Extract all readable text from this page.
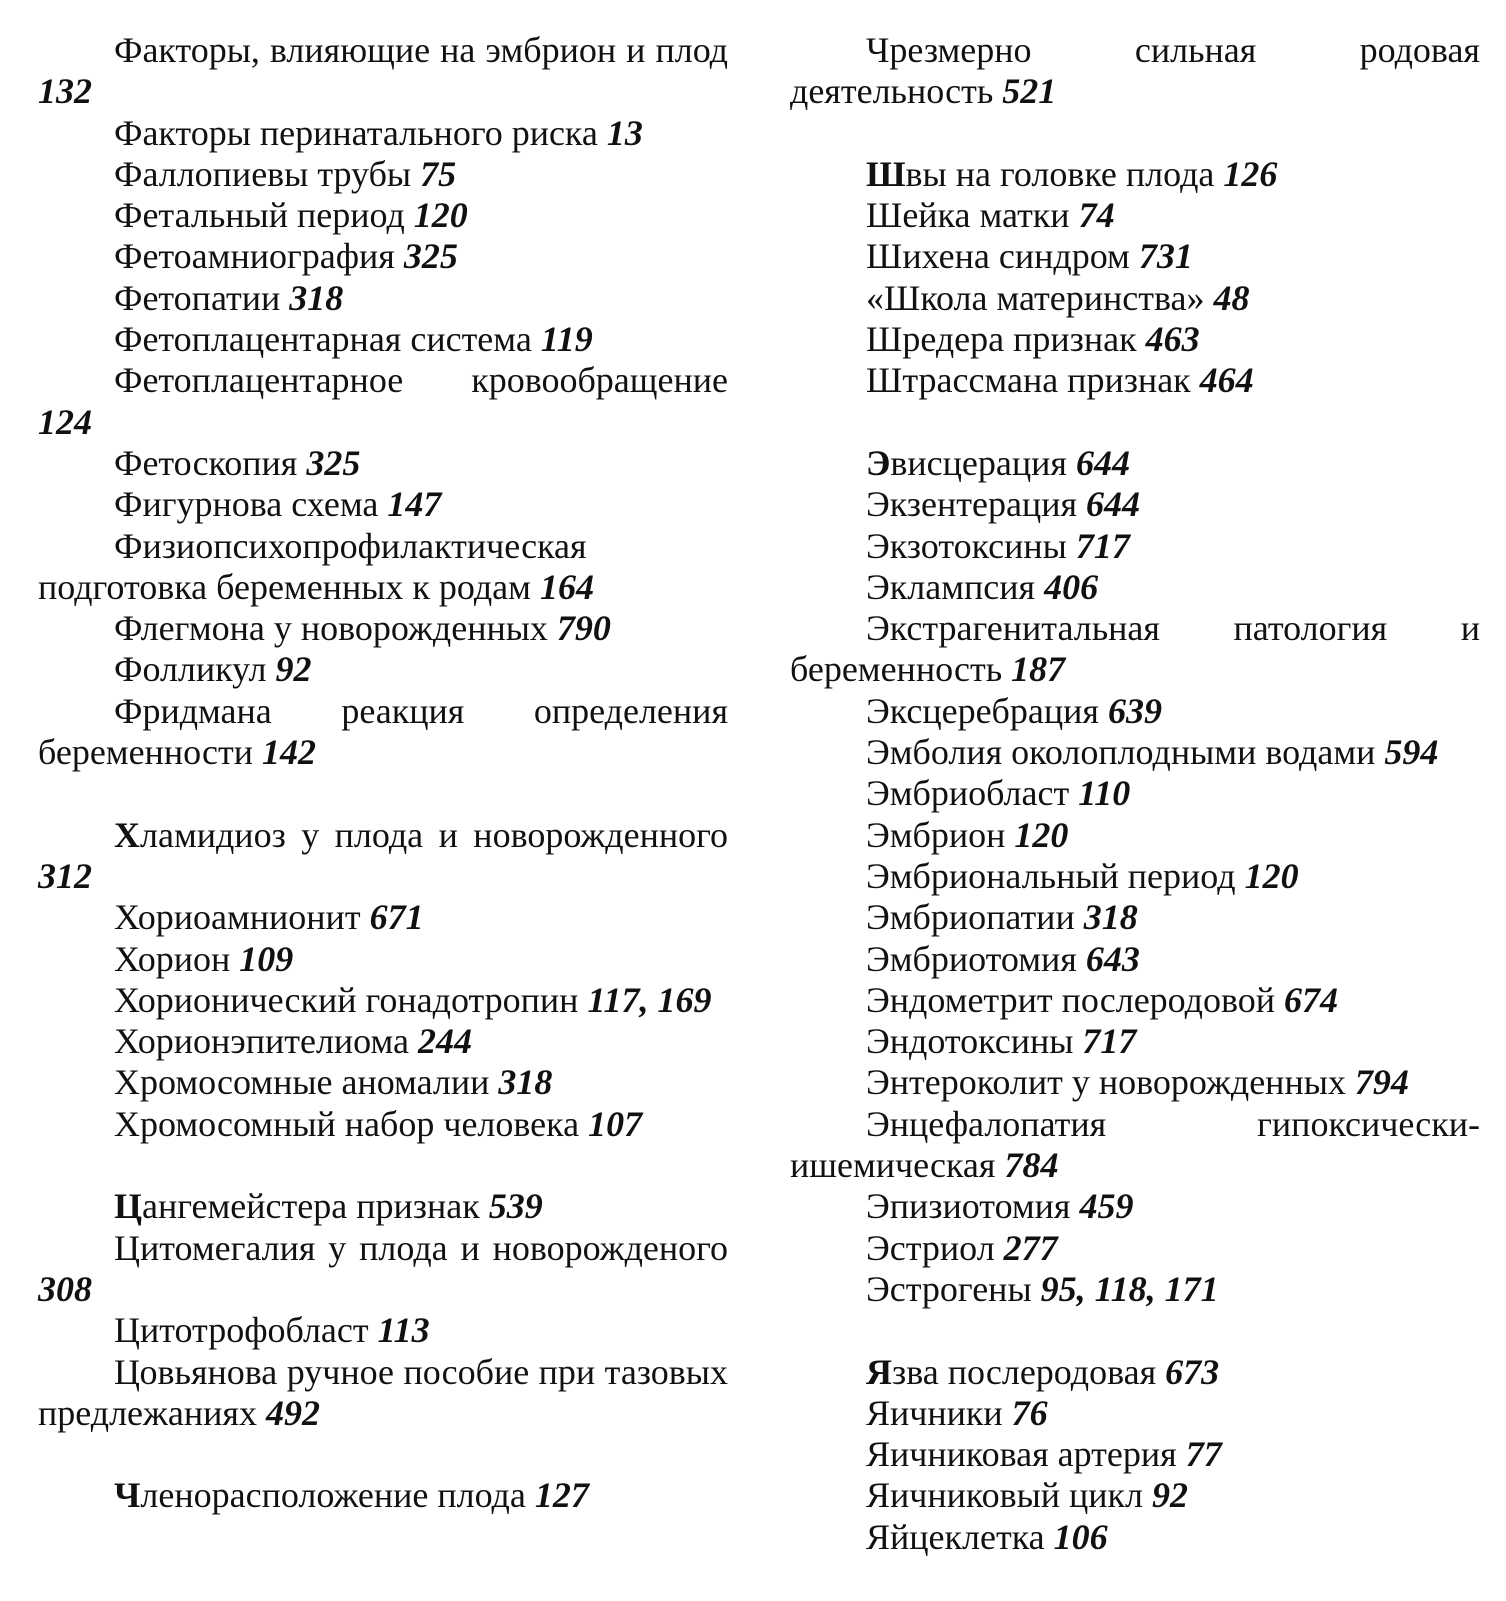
Факторы, влияющие на эмбрион и плод 132

Факторы перинатального риска 13

Фаллопиевы трубы 75

Фетальный период 120

Фетоамниография 325

Фетопатии 318

Фетоплацентарная система 119

Фетоплацентарное кровообращение 124

Фетоскопия 325

Фигурнова схема 147

Физиопсихопрофилактическая подготовка беременных к родам 164

Флегмона у новорожденных 790

Фолликул 92

Фридмана реакция определения беременности 142

Хламидиоз у плода и новорожденного 312

Хориоамнионит 671

Хорион 109

Хорионический гонадотропин 117, 169

Хорионэпителиома 244

Хромосомные аномалии 318

Хромосомный набор человека 107

Цангемейстера признак 539

Цитомегалия у плода и новорожденого 308

Цитотрофобласт 113

Цовьянова ручное пособие при тазовых предлежаниях 492

Членорасположение плода 127

Чрезмерно сильная родовая деятельность 521

Швы на головке плода 126

Шейка матки 74

Шихена синдром 731

«Школа материнства» 48

Шредера признак 463

Штрассмана признак 464

Эвисцерация 644

Экзентерация 644

Экзотоксины 717

Эклампсия 406

Экстрагенитальная патология и беременность 187

Эксцеребрация 639

Эмболия околоплодными водами 594

Эмбриобласт 110

Эмбрион 120

Эмбриональный период 120

Эмбриопатии 318

Эмбриотомия 643

Эндометрит послеродовой 674

Эндотоксины 717

Энтероколит у новорожденных 794

Энцефалопатия гипоксически-ишемическая 784

Эпизиотомия 459

Эстриол 277

Эстрогены 95, 118, 171

Язва послеродовая 673

Яичники 76

Яичниковая артерия 77

Яичниковый цикл 92

Яйцеклетка 106
